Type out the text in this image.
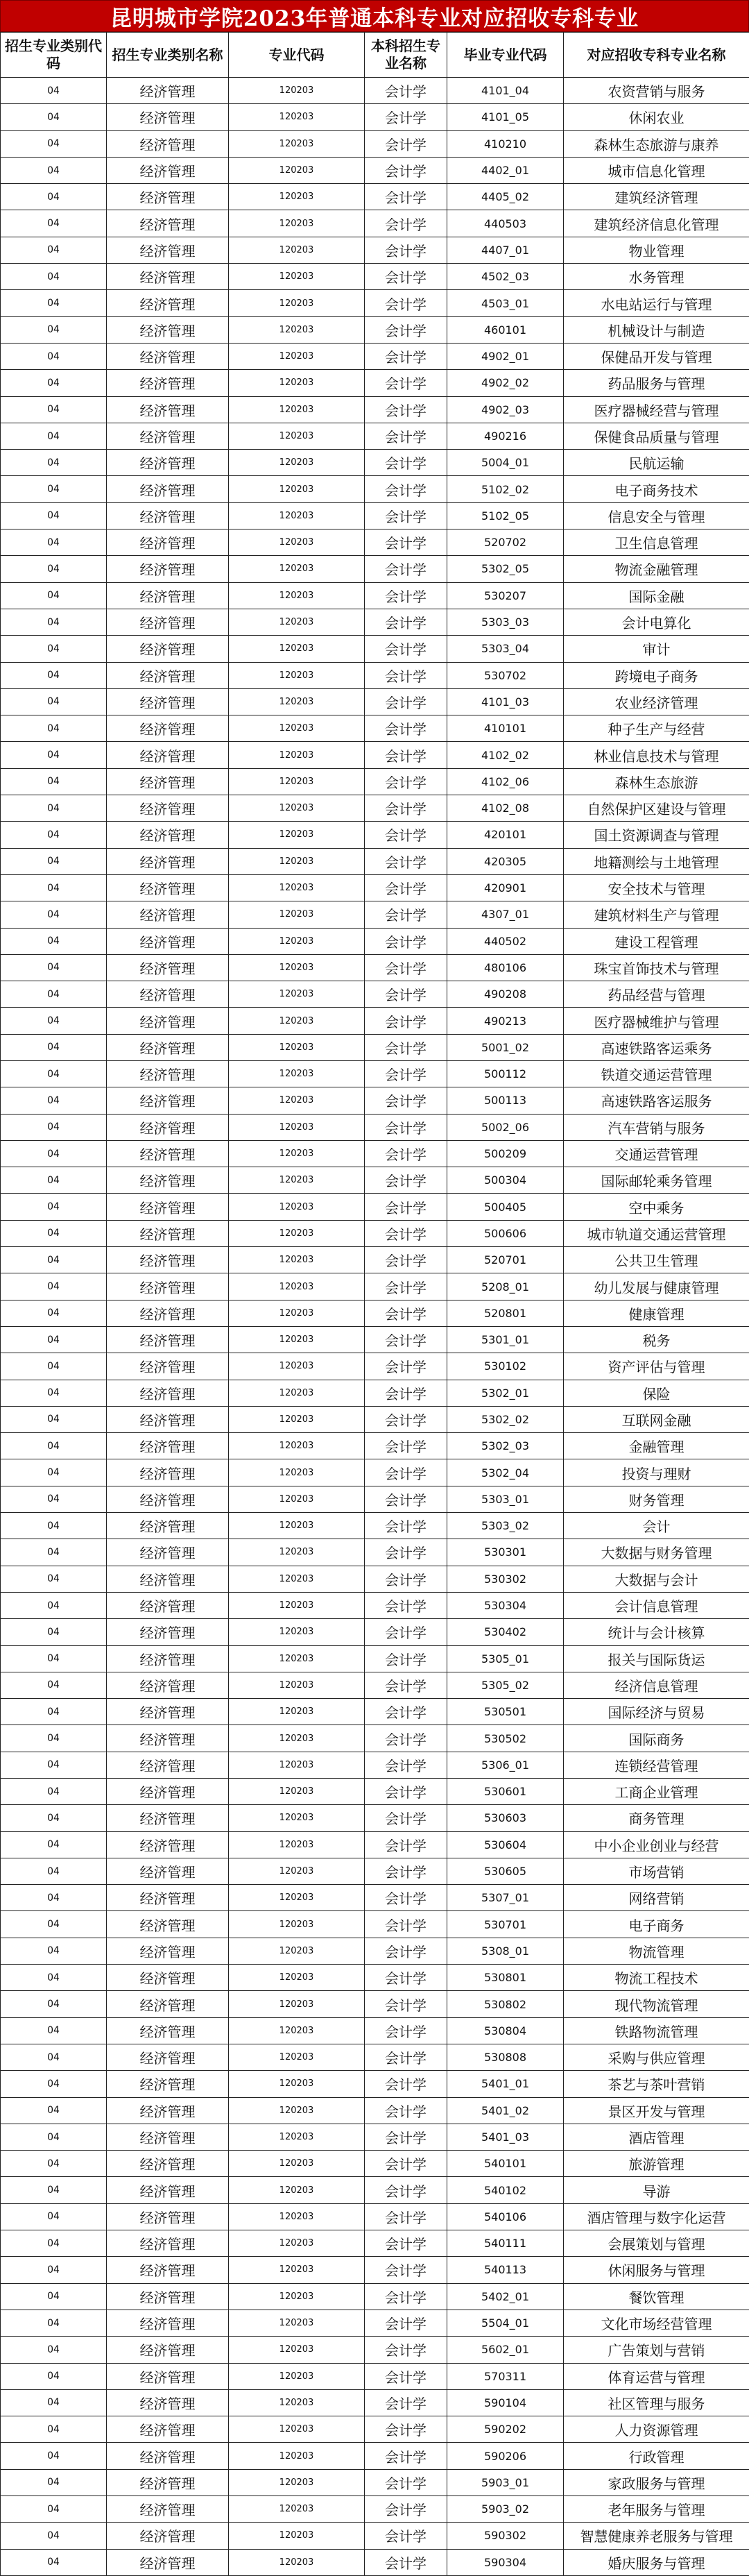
昆明城市学院2023年普通本科专业对应招收专科专业
招生专业类别代码	招生专业类别名称	专业代码	本科招生专业名称	毕业专业代码	对应招收专科专业名称
04	经济管理	120203	会计学	4101_04	农资营销与服务
04	经济管理	120203	会计学	4101_05	休闲农业
04	经济管理	120203	会计学	410210	森林生态旅游与康养
04	经济管理	120203	会计学	4402_01	城市信息化管理
04	经济管理	120203	会计学	4405_02	建筑经济管理
04	经济管理	120203	会计学	440503	建筑经济信息化管理
04	经济管理	120203	会计学	4407_01	物业管理
04	经济管理	120203	会计学	4502_03	水务管理
04	经济管理	120203	会计学	4503_01	水电站运行与管理
04	经济管理	120203	会计学	460101	机械设计与制造
04	经济管理	120203	会计学	4902_01	保健品开发与管理
04	经济管理	120203	会计学	4902_02	药品服务与管理
04	经济管理	120203	会计学	4902_03	医疗器械经营与管理
04	经济管理	120203	会计学	490216	保健食品质量与管理
04	经济管理	120203	会计学	5004_01	民航运输
04	经济管理	120203	会计学	5102_02	电子商务技术
04	经济管理	120203	会计学	5102_05	信息安全与管理
04	经济管理	120203	会计学	520702	卫生信息管理
04	经济管理	120203	会计学	5302_05	物流金融管理
04	经济管理	120203	会计学	530207	国际金融
04	经济管理	120203	会计学	5303_03	会计电算化
04	经济管理	120203	会计学	5303_04	审计
04	经济管理	120203	会计学	530702	跨境电子商务
04	经济管理	120203	会计学	4101_03	农业经济管理
04	经济管理	120203	会计学	410101	种子生产与经营
04	经济管理	120203	会计学	4102_02	林业信息技术与管理
04	经济管理	120203	会计学	4102_06	森林生态旅游
04	经济管理	120203	会计学	4102_08	自然保护区建设与管理
04	经济管理	120203	会计学	420101	国土资源调查与管理
04	经济管理	120203	会计学	420305	地籍测绘与土地管理
04	经济管理	120203	会计学	420901	安全技术与管理
04	经济管理	120203	会计学	4307_01	建筑材料生产与管理
04	经济管理	120203	会计学	440502	建设工程管理
04	经济管理	120203	会计学	480106	珠宝首饰技术与管理
04	经济管理	120203	会计学	490208	药品经营与管理
04	经济管理	120203	会计学	490213	医疗器械维护与管理
04	经济管理	120203	会计学	5001_02	高速铁路客运乘务
04	经济管理	120203	会计学	500112	铁道交通运营管理
04	经济管理	120203	会计学	500113	高速铁路客运服务
04	经济管理	120203	会计学	5002_06	汽车营销与服务
04	经济管理	120203	会计学	500209	交通运营管理
04	经济管理	120203	会计学	500304	国际邮轮乘务管理
04	经济管理	120203	会计学	500405	空中乘务
04	经济管理	120203	会计学	500606	城市轨道交通运营管理
04	经济管理	120203	会计学	520701	公共卫生管理
04	经济管理	120203	会计学	5208_01	幼儿发展与健康管理
04	经济管理	120203	会计学	520801	健康管理
04	经济管理	120203	会计学	5301_01	税务
04	经济管理	120203	会计学	530102	资产评估与管理
04	经济管理	120203	会计学	5302_01	保险
04	经济管理	120203	会计学	5302_02	互联网金融
04	经济管理	120203	会计学	5302_03	金融管理
04	经济管理	120203	会计学	5302_04	投资与理财
04	经济管理	120203	会计学	5303_01	财务管理
04	经济管理	120203	会计学	5303_02	会计
04	经济管理	120203	会计学	530301	大数据与财务管理
04	经济管理	120203	会计学	530302	大数据与会计
04	经济管理	120203	会计学	530304	会计信息管理
04	经济管理	120203	会计学	530402	统计与会计核算
04	经济管理	120203	会计学	5305_01	报关与国际货运
04	经济管理	120203	会计学	5305_02	经济信息管理
04	经济管理	120203	会计学	530501	国际经济与贸易
04	经济管理	120203	会计学	530502	国际商务
04	经济管理	120203	会计学	5306_01	连锁经营管理
04	经济管理	120203	会计学	530601	工商企业管理
04	经济管理	120203	会计学	530603	商务管理
04	经济管理	120203	会计学	530604	中小企业创业与经营
04	经济管理	120203	会计学	530605	市场营销
04	经济管理	120203	会计学	5307_01	网络营销
04	经济管理	120203	会计学	530701	电子商务
04	经济管理	120203	会计学	5308_01	物流管理
04	经济管理	120203	会计学	530801	物流工程技术
04	经济管理	120203	会计学	530802	现代物流管理
04	经济管理	120203	会计学	530804	铁路物流管理
04	经济管理	120203	会计学	530808	采购与供应管理
04	经济管理	120203	会计学	5401_01	茶艺与茶叶营销
04	经济管理	120203	会计学	5401_02	景区开发与管理
04	经济管理	120203	会计学	5401_03	酒店管理
04	经济管理	120203	会计学	540101	旅游管理
04	经济管理	120203	会计学	540102	导游
04	经济管理	120203	会计学	540106	酒店管理与数字化运营
04	经济管理	120203	会计学	540111	会展策划与管理
04	经济管理	120203	会计学	540113	休闲服务与管理
04	经济管理	120203	会计学	5402_01	餐饮管理
04	经济管理	120203	会计学	5504_01	文化市场经营管理
04	经济管理	120203	会计学	5602_01	广告策划与营销
04	经济管理	120203	会计学	570311	体育运营与管理
04	经济管理	120203	会计学	590104	社区管理与服务
04	经济管理	120203	会计学	590202	人力资源管理
04	经济管理	120203	会计学	590206	行政管理
04	经济管理	120203	会计学	5903_01	家政服务与管理
04	经济管理	120203	会计学	5903_02	老年服务与管理
04	经济管理	120203	会计学	590302	智慧健康养老服务与管理
04	经济管理	120203	会计学	590304	婚庆服务与管理
